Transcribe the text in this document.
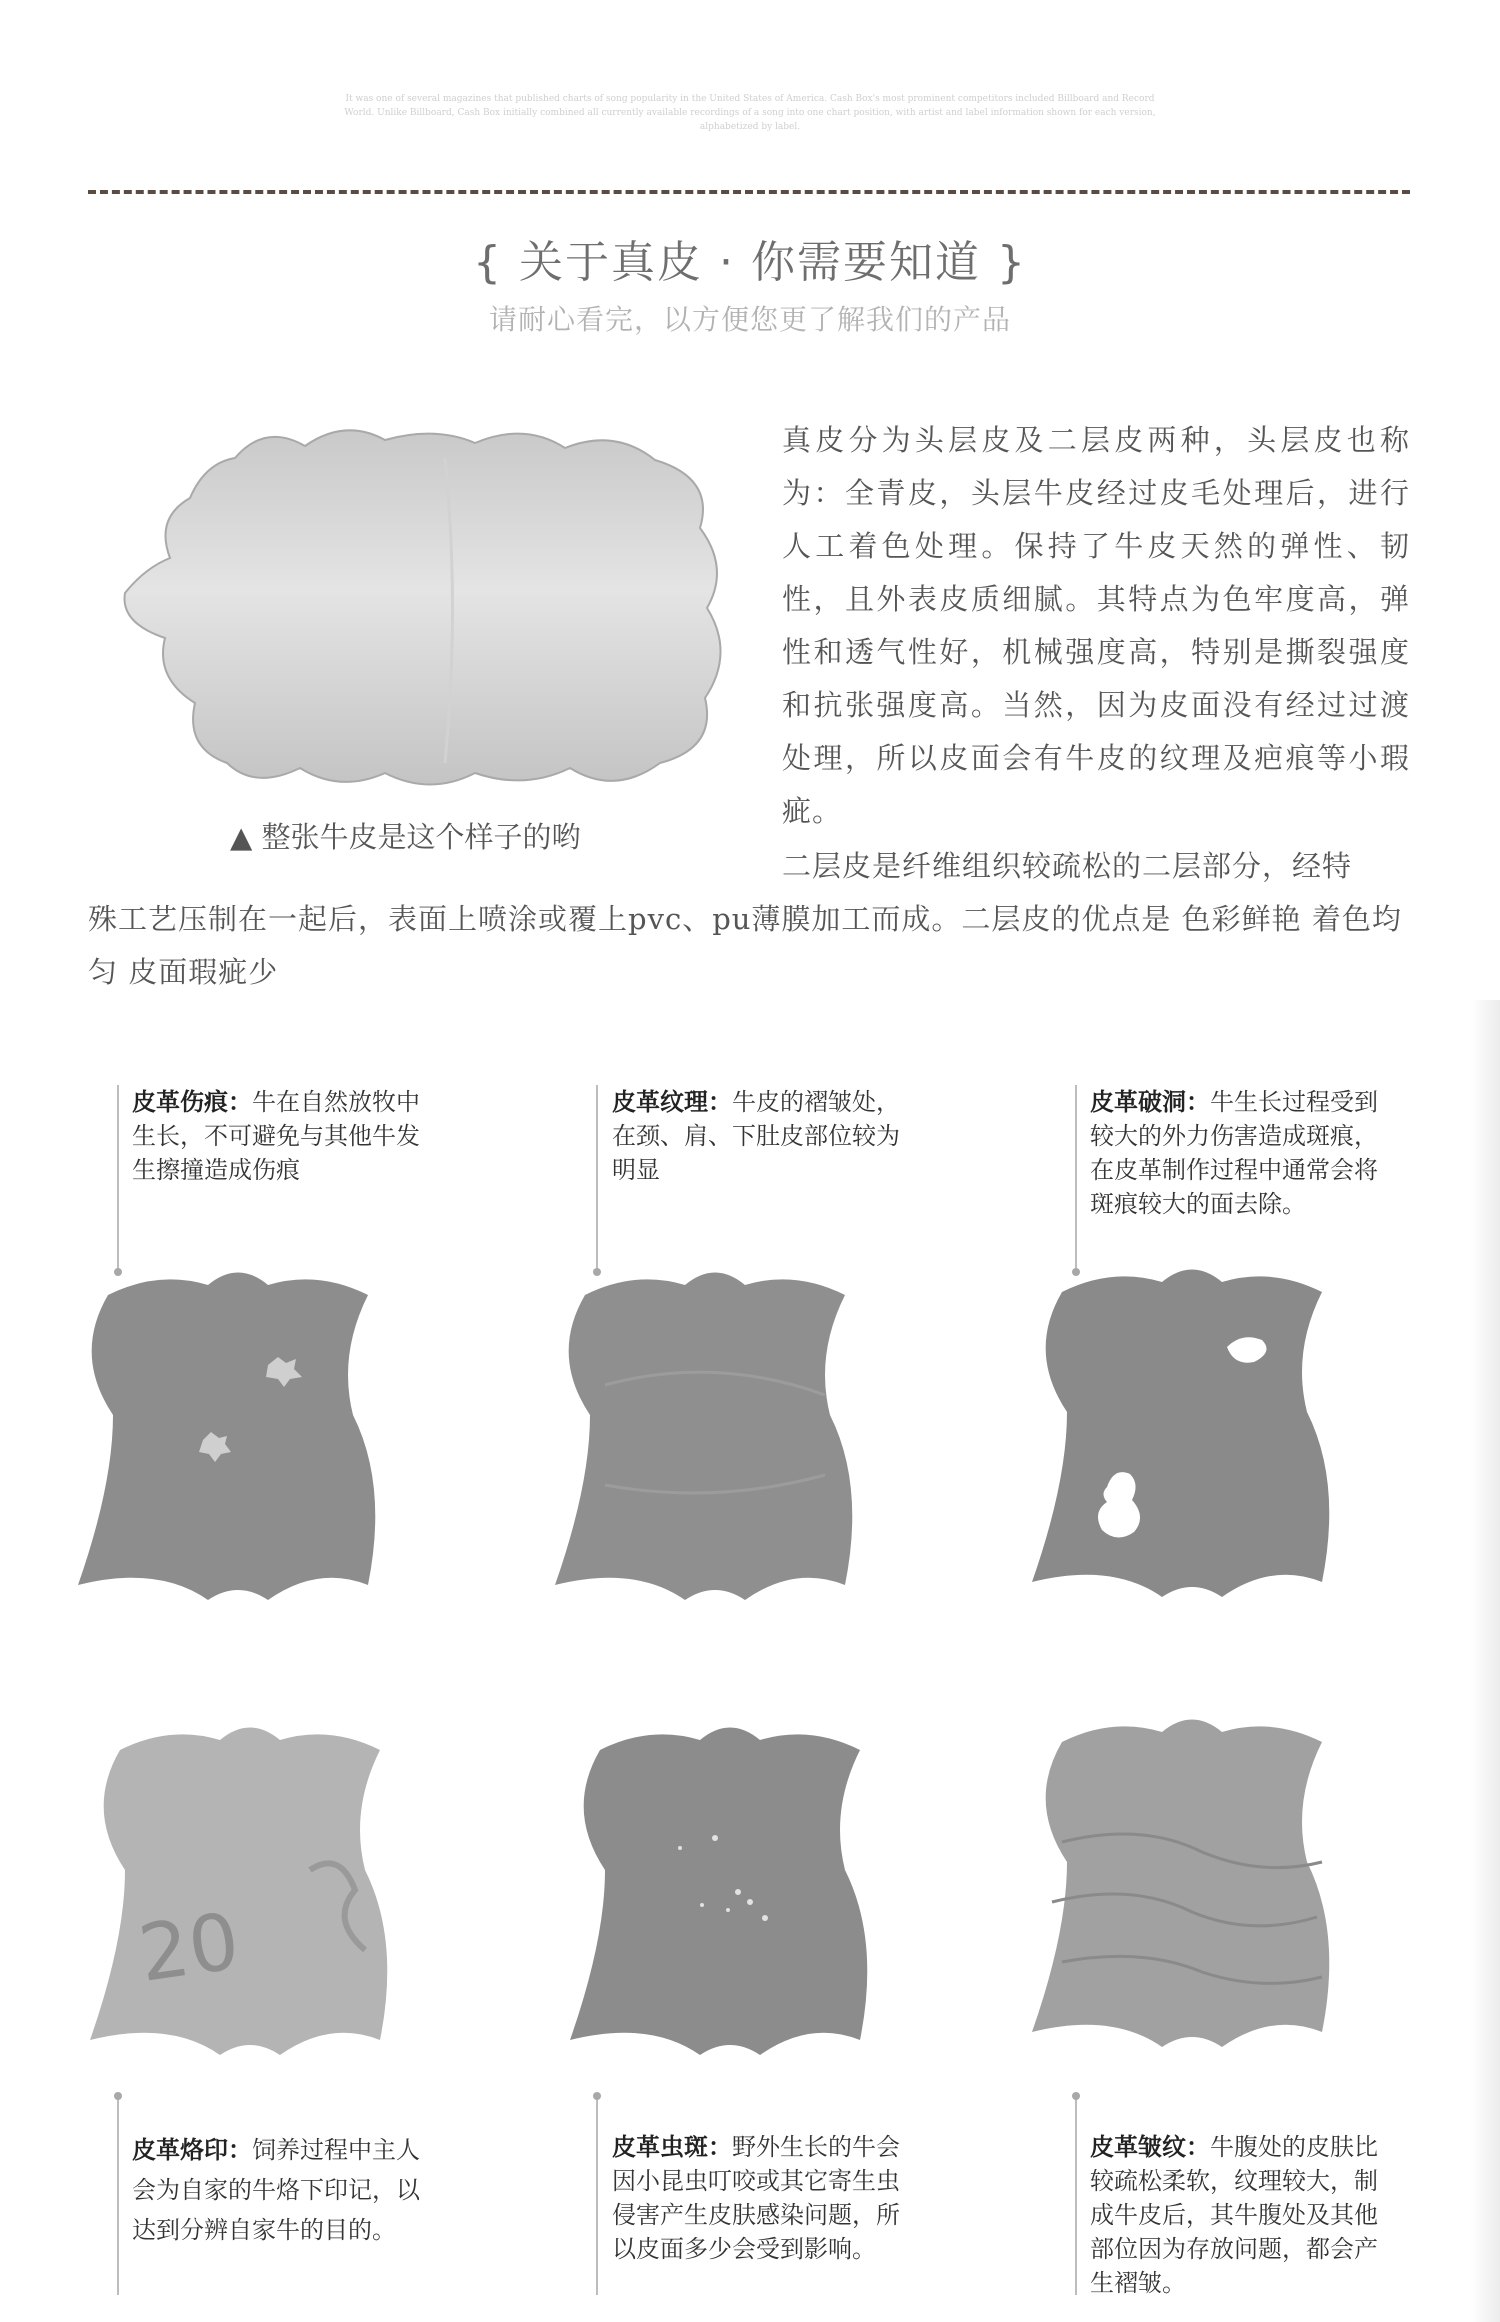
It was one of several magazines that published charts of song popularity in the United States of America. Cash Box's most prominent competitors included Billboard and Record World. Unlike Billboard, Cash Box initially combined all currently available recordings of a song into one chart position, with artist and label information shown for each version, alphabetized by label.
{ 关于真皮 · 你需要知道 }
请耐心看完，以方便您更了解我们的产品
▲ 整张牛皮是这个样子的哟
真皮分为头层皮及二层皮两种，头层皮也称为：全青皮，头层牛皮经过皮毛处理后，进行人工着色处理。保持了牛皮天然的弹性、韧性，且外表皮质细腻。其特点为色牢度高，弹性和透气性好，机械强度高，特别是撕裂强度和抗张强度高。当然，因为皮面没有经过过渡处理，所以皮面会有牛皮的纹理及疤痕等小瑕疵。
二层皮是纤维组织较疏松的二层部分，经特
殊工艺压制在一起后，表面上喷涂或覆上pvc、pu薄膜加工而成。二层皮的优点是 色彩鲜艳 着色均匀 皮面瑕疵少
皮革伤痕：牛在自然放牧中生长，不可避免与其他牛发生擦撞造成伤痕
皮革纹理：牛皮的褶皱处，在颈、肩、下肚皮部位较为明显
皮革破洞：牛生长过程受到较大的外力伤害造成斑痕，在皮革制作过程中通常会将斑痕较大的面去除。
20
皮革烙印：饲养过程中主人会为自家的牛烙下印记，以达到分辨自家牛的目的。
皮革虫斑：野外生长的牛会因小昆虫叮咬或其它寄生虫侵害产生皮肤感染问题，所以皮面多少会受到影响。
皮革皱纹：牛腹处的皮肤比较疏松柔软，纹理较大，制成牛皮后，其牛腹处及其他部位因为存放问题，都会产生褶皱。
